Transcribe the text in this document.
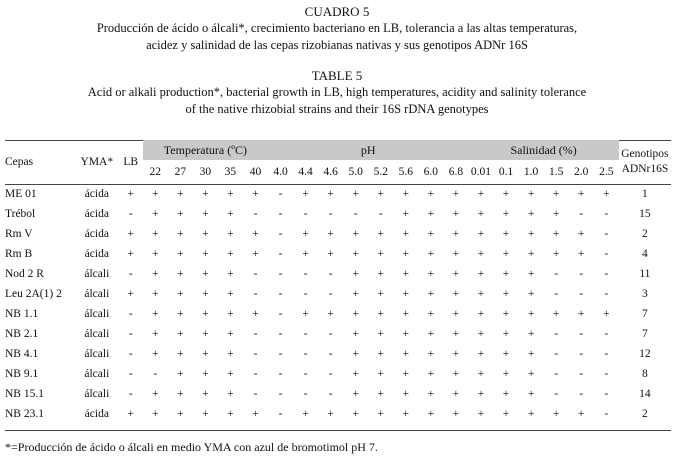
CUADRO 5
Producción de ácido o álcali*, crecimiento bacteriano en LB, tolerancia a las altas temperaturas,
acidez y salinidad de las cepas rizobianas nativas y sus genotipos ADNr 16S
TABLE 5
Acid or alkali production*, bacterial growth in LB, high temperatures, acidity and salinity tolerance
of the native rhizobial strains and their 16S rDNA genotypes
Cepas	YMA*	LB	Temperatura (ºC)					pH								Salinidad (%)						Genotipos
ADNr16S

			22	27	30	35	40	4.0	4.4	4.6	5.0	5.2	5.6	6.0	6.8	0.01	0.1	1.0	1.5	2.0	2.5	
ME 01	ácida	+	+	+	+	+	+	-	+	+	+	+	+	+	+	+	+	+	+	+	+	1
Trébol	ácida	-	+	+	+	+	-	-	-	-	-	-	+	+	+	+	+	+	+	-	-	15
Rm V	ácida	+	+	+	+	+	+	-	+	+	+	+	+	+	+	+	+	+	+	+	-	2
Rm B	ácida	+	+	+	+	+	+	-	+	+	+	+	+	+	+	+	+	+	+	+	-	4
Nod 2 R	álcali	-	+	+	+	+	-	-	-	-	+	+	+	+	+	+	+	+	-	-	-	11
Leu 2A(1) 2	álcali	+	+	+	+	+	-	-	-	-	+	+	+	+	+	+	+	+	-	-	-	3
NB 1.1	álcali	-	+	+	+	+	+	-	+	+	+	+	+	+	+	+	+	+	+	+	+	7
NB 2.1	álcali	-	+	+	+	+	-	-	-	-	+	+	+	+	+	+	+	+	-	-	-	7
NB 4.1	álcali	-	+	+	+	+	-	-	-	-	+	+	+	+	+	+	+	+	-	-	-	12
NB 9.1	álcali	-	-	+	+	+	-	-	-	-	+	+	+	+	+	+	+	+	-	-	-	8
NB 15.1	álcali	-	+	+	+	+	-	-	-	-	+	+	+	+	+	+	+	+	-	-	-	14
NB 23.1	ácida	+	+	+	+	+	+	-	+	+	+	+	+	+	+	+	+	+	+	+	-	2
*=Producción de ácido o álcali en medio YMA con azul de bromotimol pH 7.
